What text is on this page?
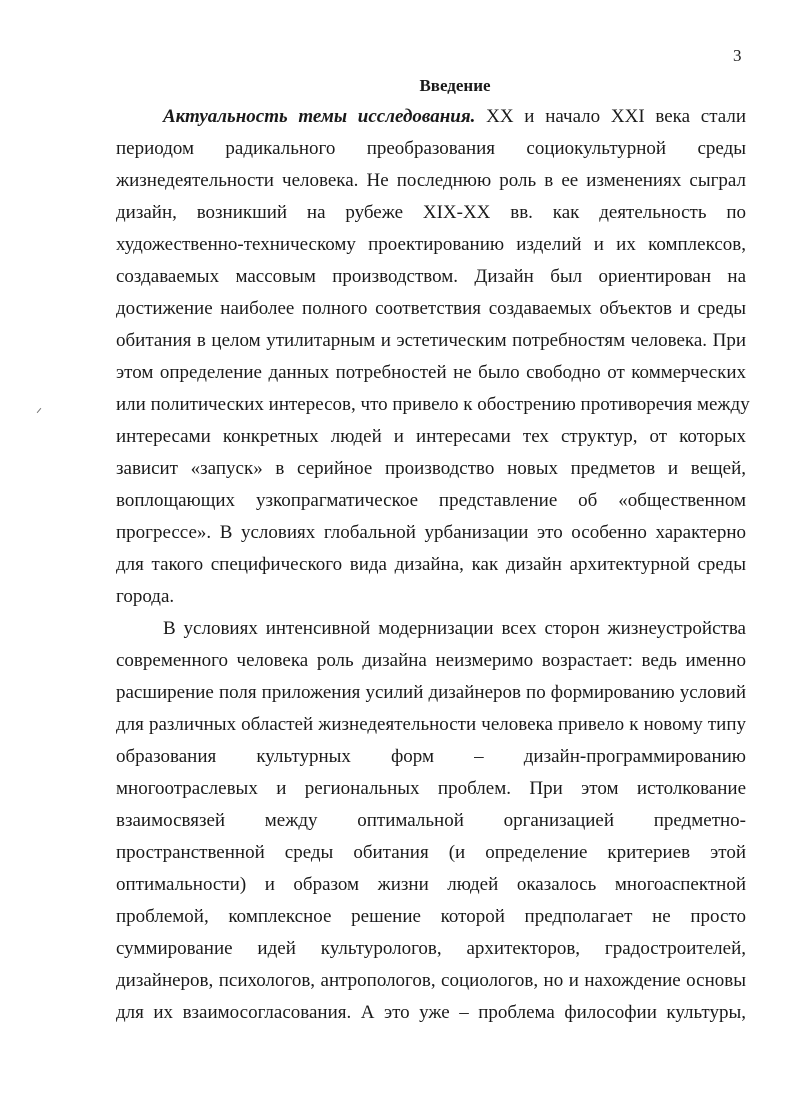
3
Введение
Актуальность темы исследования. XX и начало XXI века стали
периодом радикального преобразования социокультурной среды
жизнедеятельности человека. Не последнюю роль в ее изменениях сыграл
дизайн, возникший на рубеже XIX-XX вв. как деятельность по
художественно-техническому проектированию изделий и их комплексов,
создаваемых массовым производством. Дизайн был ориентирован на
достижение наиболее полного соответствия создаваемых объектов и среды
обитания в целом утилитарным и эстетическим потребностям человека. При
этом определение данных потребностей не было свободно от коммерческих
или политических интересов, что привело к обострению противоречия между
интересами конкретных людей и интересами тех структур, от которых
зависит «запуск» в серийное производство новых предметов и вещей,
воплощающих узкопрагматическое представление об «общественном
прогрессе». В условиях глобальной урбанизации это особенно характерно
для такого специфического вида дизайна, как дизайн архитектурной среды
города.
В условиях интенсивной модернизации всех сторон жизнеустройства
современного человека роль дизайна неизмеримо возрастает: ведь именно
расширение поля приложения усилий дизайнеров по формированию условий
для различных областей жизнедеятельности человека привело к новому типу
образования культурных форм – дизайн-программированию
многоотраслевых и региональных проблем. При этом истолкование
взаимосвязей между оптимальной организацией предметно-
пространственной среды обитания (и определение критериев этой
оптимальности) и образом жизни людей оказалось многоаспектной
проблемой, комплексное решение которой предполагает не просто
суммирование идей культурологов, архитекторов, градостроителей,
дизайнеров, психологов, антропологов, социологов, но и нахождение основы
для их взаимосогласования. А это уже – проблема философии культуры,
